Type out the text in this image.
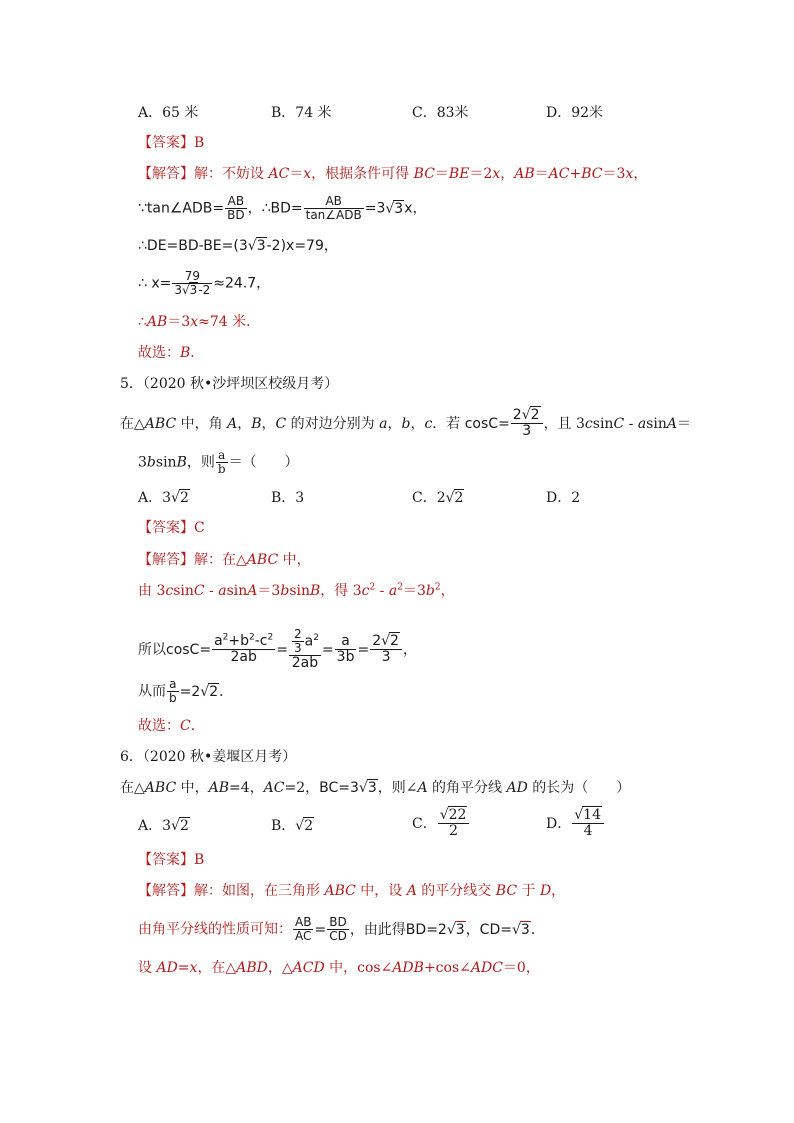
A．65 米	B．74 米	C．83米	D．92米
【答案】B
【解答】解：不妨设 AC＝x，根据条件可得 BC＝BE＝2x，AB＝AC+BC＝3x，
∵tan∠ADB= $\frac{AB}{BD}$ ，∴BD= $\frac{AB}{\text{tan∠ADB}} =3√3x$，
∴DE=BD-BE=(3√3-2)x=79，
∴ $x= \frac{79}{3√3-2} \approx 24.7$，
∴AB＝3x≈74 米．
故选：B．
5．（2020 秋•沙坪坝区校级月考）
在△ABC 中，角 A，B，C 的对边分别为 a，b，c．若 $\cos C= \frac{2√2}{3}$ ，且 3csinC - asinA＝
3bsinB，则 $\frac{a}{b}$ ＝（　　）
A．3√2	B．3	C．2√2	D．2
【答案】C
【解答】解：在△ABC 中，
由 3csinC - asinA＝3bsinB，得 $3c^2 - a^2=3b^2$，
所以$\cos C= \frac{a^2+b^2-c^2}{2ab} = \frac{\frac{2}{3} a^2}{2ab} = \frac{a}{3b} = \frac{2√2}{3}$ ，
从而 $\frac{a}{b} =2√2$．
故选：C．
6．（2020 秋•姜堰区月考）
在△ABC 中，AB=4，AC=2，BC=3√3，则∠A 的角平分线 AD 的长为（　　）
A．3√2	B．√2	C． $\frac{√22}{2}$	D． $\frac{√14}{4}$
【答案】B
【解答】解：如图，在三角形 ABC 中，设 A 的平分线交 BC 于 D，
由角平分线的性质可知： $\frac{AB}{AC} = \frac{BD}{CD}$ ，由此得BD=2√3，CD=√3．
设 AD=x，在△ABD，△ACD 中，cos∠ADB+cos∠ADC＝0，
